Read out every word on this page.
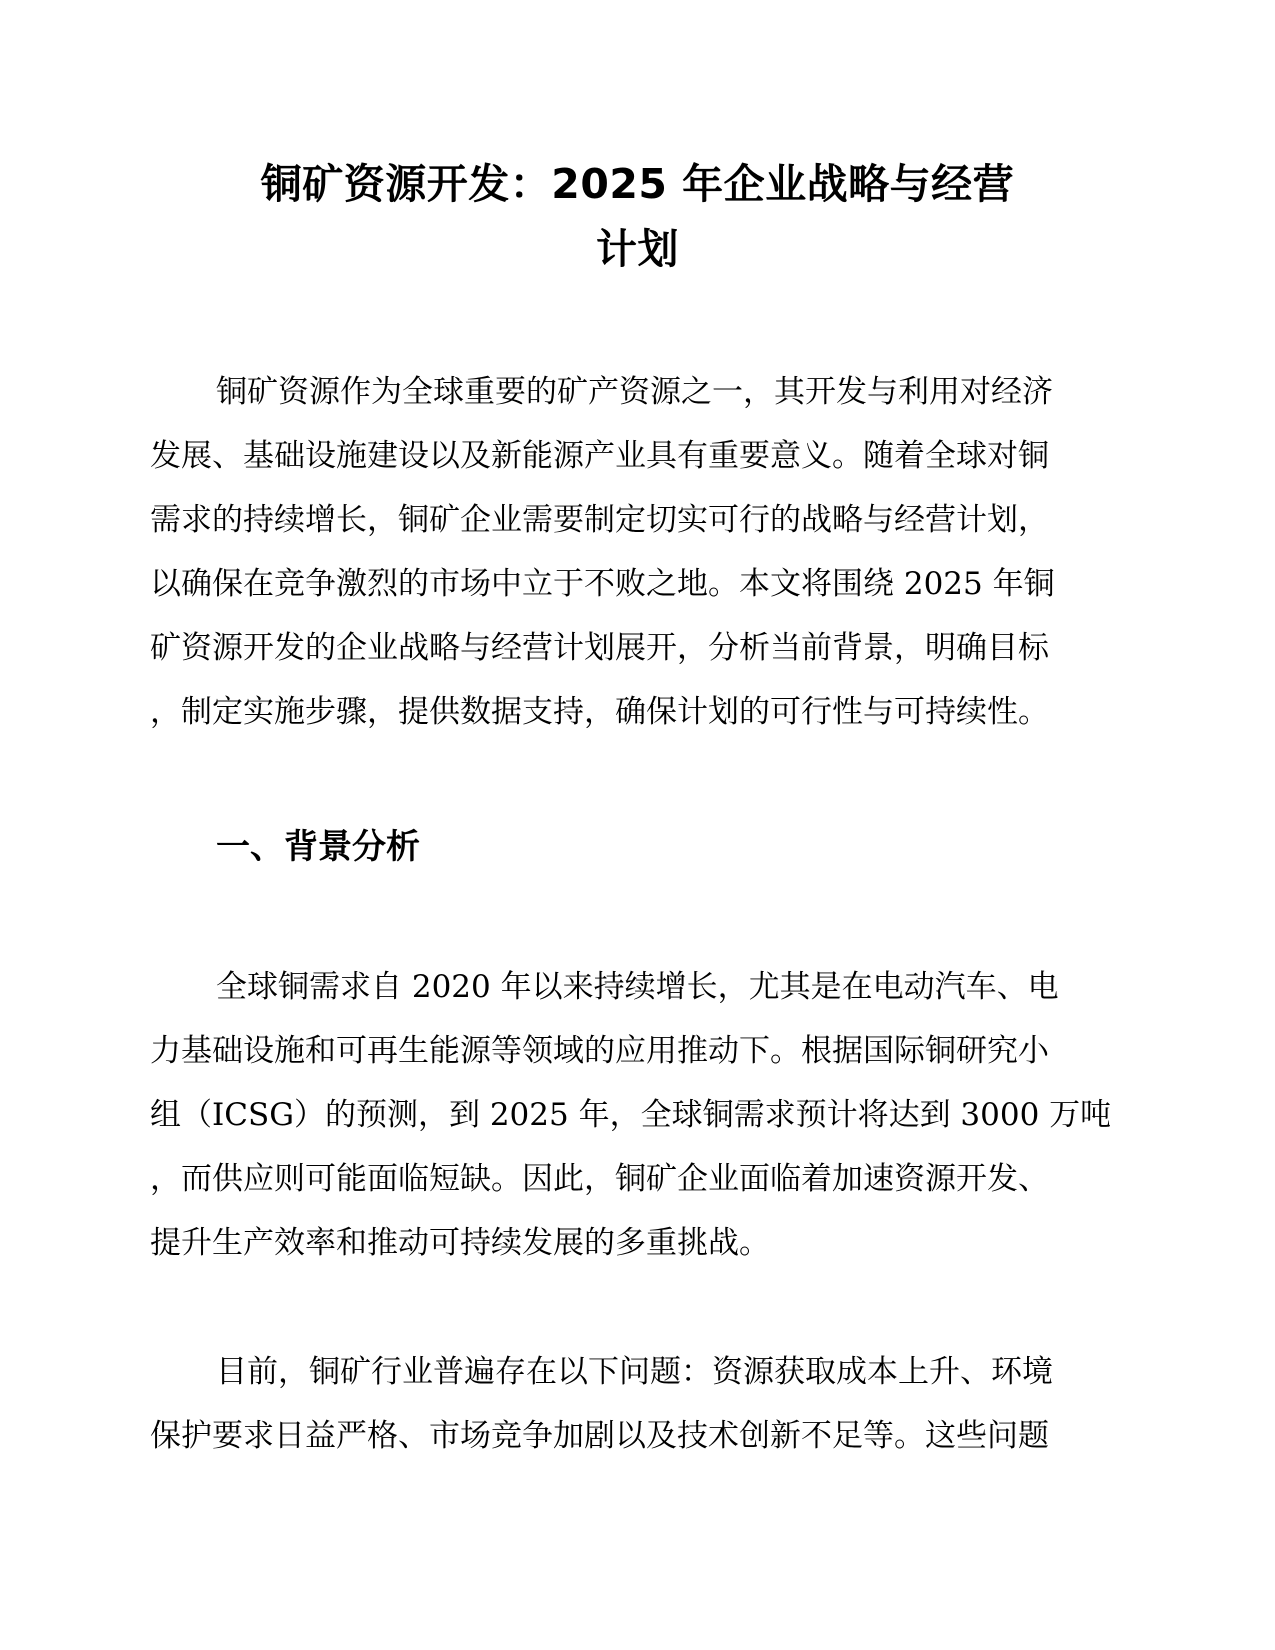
铜矿资源开发：2025 年企业战略与经营
计划

铜矿资源作为全球重要的矿产资源之一，其开发与利用对经济
发展、基础设施建设以及新能源产业具有重要意义。随着全球对铜
需求的持续增长，铜矿企业需要制定切实可行的战略与经营计划，
以确保在竞争激烈的市场中立于不败之地。本文将围绕 2025 年铜
矿资源开发的企业战略与经营计划展开，分析当前背景，明确目标
，制定实施步骤，提供数据支持，确保计划的可行性与可持续性。

一、背景分析

全球铜需求自 2020 年以来持续增长，尤其是在电动汽车、电
力基础设施和可再生能源等领域的应用推动下。根据国际铜研究小
组（ICSG）的预测，到 2025 年，全球铜需求预计将达到 3000 万吨
，而供应则可能面临短缺。因此，铜矿企业面临着加速资源开发、
提升生产效率和推动可持续发展的多重挑战。

目前，铜矿行业普遍存在以下问题：资源获取成本上升、环境
保护要求日益严格、市场竞争加剧以及技术创新不足等。这些问题
